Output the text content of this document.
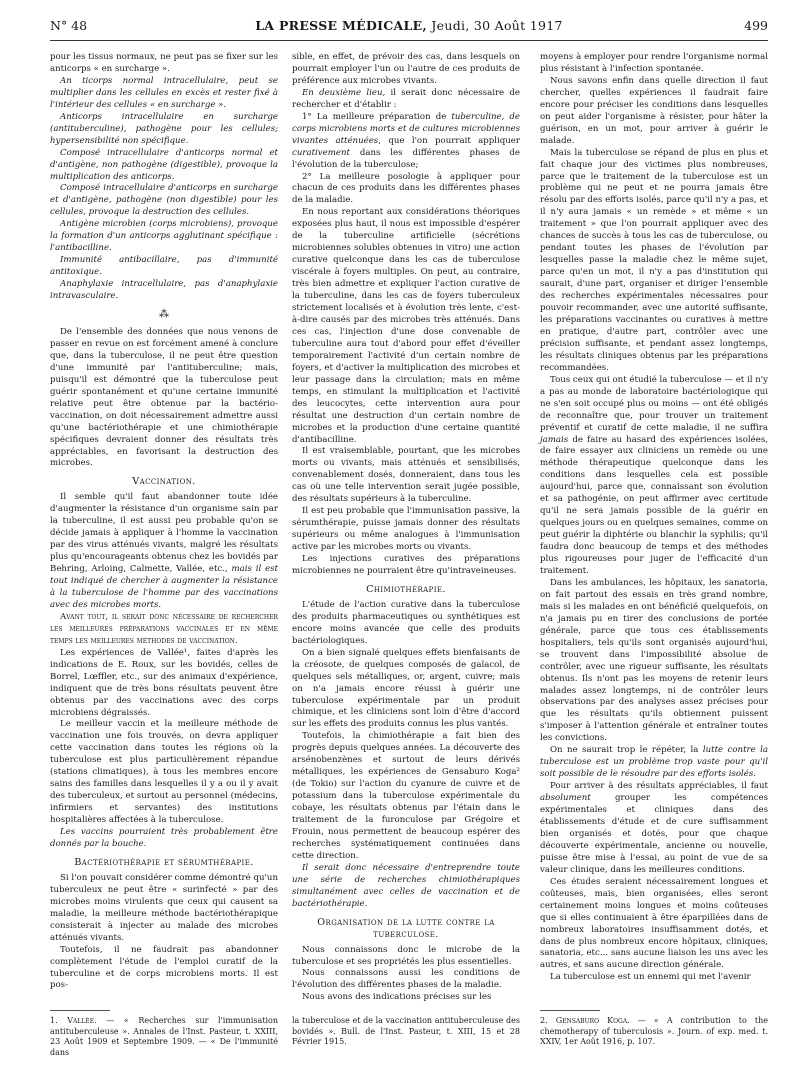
N° 48	LA PRESSE MÉDICALE, Jeudi, 30 Août 1917	499

pour les tissus normaux, ne peut pas se fixer sur les anticorps « en surcharge ».

An ticorps normal intracellulaire, peut se multiplier dans les cellules en excès et rester fixé à l'intérieur des cellules « en surcharge ».

Anticorps intracellulaire en surcharge (antituberculine), pathogène pour les cellules; hypersensibilité non spécifique.

Composé intracellulaire d'anticorps normal et d'antigène, non pathogène (digestible), provoque la multiplication des anticorps.

Composé intracellulaire d'anticorps en surcharge et d'antigène, pathogène (non digestible) pour les cellules, provoque la destruction des cellules.

Antigène microbien (corps microbiens), provoque la formation d'un anticorps agglutinant spécifique : l'antibacilline.

Immunité antibacillaire, pas d'immunité antitoxique.

Anaphylaxie intracellulaire, pas d'anaphylaxie intravasculaire.

⁂

De l'ensemble des données que nous venons de passer en revue on est forcément amené à conclure que, dans la tuberculose, il ne peut être question d'une immunité par l'antituberculine; mais, puisqu'il est démontré que la tuberculose peut guérir spontanément et qu'une certaine immunité relative peut être obtenue par la bactério-vaccination, on doit nécessairement admettre aussi qu'une bactériothérapie et une chimiothérapie spécifiques devraient donner des résultats très appréciables, en favorisant la destruction des microbes.

Vaccination.

Il semble qu'il faut abandonner toute idée d'augmenter la résistance d'un organisme sain par la tuberculine, il est aussi peu probable qu'on se décide jamais à appliquer à l'homme la vaccination par des virus atténués vivants, malgré les résultats plus qu'encourageants obtenus chez les bovidés par Behring, Arloing, Calmette, Vallée, etc., mais il est tout indiqué de chercher à augmenter la résistance à la tuberculose de l'homme par des vaccinations avec des microbes morts.

Avant tout, il serait donc nécessaire de rechercher les meilleures préparations vaccinales et en même temps les meilleures méthodes de vaccination.

Les expériences de Vallée¹, faites d'après les indications de E. Roux, sur les bovidés, celles de Borrel, Lœffler, etc., sur des animaux d'expérience, indiquent que de très bons résultats peuvent être obtenus par des vaccinations avec des corps microbiens dégraissés.

Le meilleur vaccin et la meilleure méthode de vaccination une fois trouvés, on devra appliquer cette vaccination dans toutes les régions où la tuberculose est plus particulièrement répandue (stations climatiques), à tous les membres encore sains des familles dans lesquelles il y a ou il y avait des tuberculeux, et surtout au personnel (médecins, infirmiers et servantes) des institutions hospitalières affectées à la tuberculose.

Les vaccins pourraient très probablement être donnés par la bouche.

Bactériothérapie et sérumthérapie.

Si l'on pouvait considérer comme démontré qu'un tuberculeux ne peut être « surinfecté » par des microbes moins virulents que ceux qui causent sa maladie, la meilleure méthode bactériothérapique consisterait à injecter au malade des microbes atténués vivants.

Toutefois, il ne faudrait pas abandonner complètement l'étude de l'emploi curatif de la tuberculine et de corps microbiens morts. Il est pos-

sible, en effet, de prévoir des cas, dans lesquels on pourrait employer l'un ou l'autre de ces produits de préférence aux microbes vivants.

En deuxième lieu, il serait donc nécessaire de rechercher et d'établir :

1° La meilleure préparation de tuberculine, de corps microbiens morts et de cultures microbiennes vivantes atténuées, que l'on pourrait appliquer curativement dans les différentes phases de l'évolution de la tuberculose;

2° La meilleure posologie à appliquer pour chacun de ces produits dans les différentes phases de la maladie.

En nous reportant aux considérations théoriques exposées plus haut, il nous est impossible d'espérer de la tuberculine artificielle (sécrétions microbiennes solubles obtenues in vitro) une action curative quelconque dans les cas de tuberculose viscérale à foyers multiples. On peut, au contraire, très bien admettre et expliquer l'action curative de la tuberculine, dans les cas de foyers tuberculeux strictement localisés et à évolution très lente, c'est-à-dire causés par des microbes très atténués. Dans ces cas, l'injection d'une dose convenable de tuberculine aura tout d'abord pour effet d'éveiller temporairement l'activité d'un certain nombre de foyers, et d'activer la multiplication des microbes et leur passage dans la circulation; mais en même temps, en stimulant la multiplication et l'activité des leucocytes, cette intervention aura pour résultat une destruction d'un certain nombre de microbes et la production d'une certaine quantité d'antibacilline.

Il est vraisemblable, pourtant, que les microbes morts ou vivants, mais atténués et sensibilisés, convenablement dosés, donneraient, dans tous les cas où une telle intervention serait jugée possible, des résultats supérieurs à la tuberculine.

Il est peu probable que l'immunisation passive, la sérumthérapie, puisse jamais donner des résultats supérieurs ou même analogues à l'immunisation active par les microbes morts ou vivants.

Les injections curatives des préparations microbiennes ne pourraient être qu'intraveineuses.

Chimiothérapie.

L'étude de l'action curative dans la tuberculose des produits pharmaceutiques ou synthétiques est encore moins avancée que celle des produits bactériologiques.

On a bien signalé quelques effets bienfaisants de la créosote, de quelques composés de gaïacol, de quelques sels métalliques, or, argent, cuivre; mais on n'a jamais encore réussi à guérir une tuberculose expérimentale par un produit chimique, et les cliniciens sont loin d'être d'accord sur les effets des produits connus les plus vantés.

Toutefois, la chimiothérapie a fait bien des progrès depuis quelques années. La découverte des arsénobenzènes et surtout de leurs dérivés métalliques, les expériences de Gensaburo Koga² (de Tokio) sur l'action du cyanure de cuivre et de potassium dans la tuberculose expérimentale du cobaye, les résultats obtenus par l'étain dans le traitement de la furonculose par Grégoire et Frouin, nous permettent de beaucoup espérer des recherches systématiquement continuées dans cette direction.

Il serait donc nécessaire d'entreprendre toute une série de recherches chimiothérapiques simultanément avec celles de vaccination et de bactériothérapie.

Organisation de la lutte contre la tuberculose.

Nous connaissons donc le microbe de la tuberculose et ses propriétés les plus essentielles.

Nous connaissons aussi les conditions de l'évolution des différentes phases de la maladie.

Nous avons des indications précises sur les

moyens à employer pour rendre l'organisme normal plus résistant à l'infection spontanée.

Nous savons enfin dans quelle direction il faut chercher, quelles expériences il faudrait faire encore pour préciser les conditions dans lesquelles on peut aider l'organisme à résister, pour hâter la guérison, en un mot, pour arriver à guérir le malade.

Mais la tuberculose se répand de plus en plus et fait chaque jour des victimes plus nombreuses, parce que le traitement de la tuberculose est un problème qui ne peut et ne pourra jamais être résolu par des efforts isolés, parce qu'il n'y a pas, et il n'y aura jamais « un remède » et même « un traitement » que l'on pourrait appliquer avec des chances de succès à tous les cas de tuberculose, ou pendant toutes les phases de l'évolution par lesquelles passe la maladie chez le même sujet, parce qu'en un mot, il n'y a pas d'institution qui saurait, d'une part, organiser et diriger l'ensemble des recherches expérimentales nécessaires pour pouvoir recommander, avec une autorité suffisante, les préparations vaccinantes ou curatives à mettre en pratique, d'autre part, contrôler avec une précision suffisante, et pendant assez longtemps, les résultats cliniques obtenus par les préparations recommandées.

Tous ceux qui ont étudié la tuberculose — et il n'y a pas au monde de laboratoire bactériologique qui ne s'en soit occupé plus ou moins — ont été obligés de reconnaître que, pour trouver un traitement préventif et curatif de cette maladie, il ne suffira jamais de faire au hasard des expériences isolées, de faire essayer aux cliniciens un remède ou une méthode thérapeutique quelconque dans les conditions dans lesquelles cela est possible aujourd'hui, parce que, connaissant son évolution et sa pathogénie, on peut affirmer avec certitude qu'il ne sera jamais possible de la guérir en quelques jours ou en quelques semaines, comme on peut guérir la diphtérie ou blanchir la syphilis; qu'il faudra donc beaucoup de temps et des méthodes plus rigoureuses pour juger de l'efficacité d'un traitement.

Dans les ambulances, les hôpitaux, les sanatoria, on fait partout des essais en très grand nombre, mais si les malades en ont bénéficié quelquefois, on n'a jamais pu en tirer des conclusions de portée générale, parce que tous ces établissements hospitaliers, tels qu'ils sont organisés aujourd'hui, se trouvent dans l'impossibilité absolue de contrôler, avec une rigueur suffisante, les résultats obtenus. Ils n'ont pas les moyens de retenir leurs malades assez longtemps, ni de contrôler leurs observations par des analyses assez précises pour que les résultats qu'ils obtiennent puissent s'imposer à l'attention générale et entraîner toutes les convictions.

On ne saurait trop le répéter, la lutte contre la tuberculose est un problème trop vaste pour qu'il soit possible de le résoudre par des efforts isolés.

Pour arriver à des résultats appréciables, il faut absolument grouper les compétences expérimentales et cliniques dans des établissements d'étude et de cure suffisamment bien organisés et dotés, pour que chaque découverte expérimentale, ancienne ou nouvelle, puisse être mise à l'essai, au point de vue de sa valeur clinique, dans les meilleures conditions.

Ces études seraient nécessairement longues et coûteuses, mais, bien organisées, elles seront certainement moins longues et moins coûteuses que si elles continuaient à être éparpillées dans de nombreux laboratoires insuffisamment dotés, et dans de plus nombreux encore hôpitaux, cliniques, sanatoria, etc... sans aucune liaison les uns avec les autres, et sans aucune direction générale.

La tuberculose est un ennemi qui met l'avenir

1. Vallée. — « Recherches sur l'immunisation antituberculeuse ». Annales de l'Inst. Pasteur, t. XXIII, 23 Août 1909 et Septembre 1909. — « De l'immunité dans
la tuberculose et de la vaccination antituberculeuse des bovidés ». Bull. de l'Inst. Pasteur, t. XIII, 15 et 28 Février 1915.
2. Gensaburo Koga. — « A contribution to the chemotherapy of tuberculosis ». Journ. of exp. med. t. XXIV, 1er Août 1916, p. 107.
